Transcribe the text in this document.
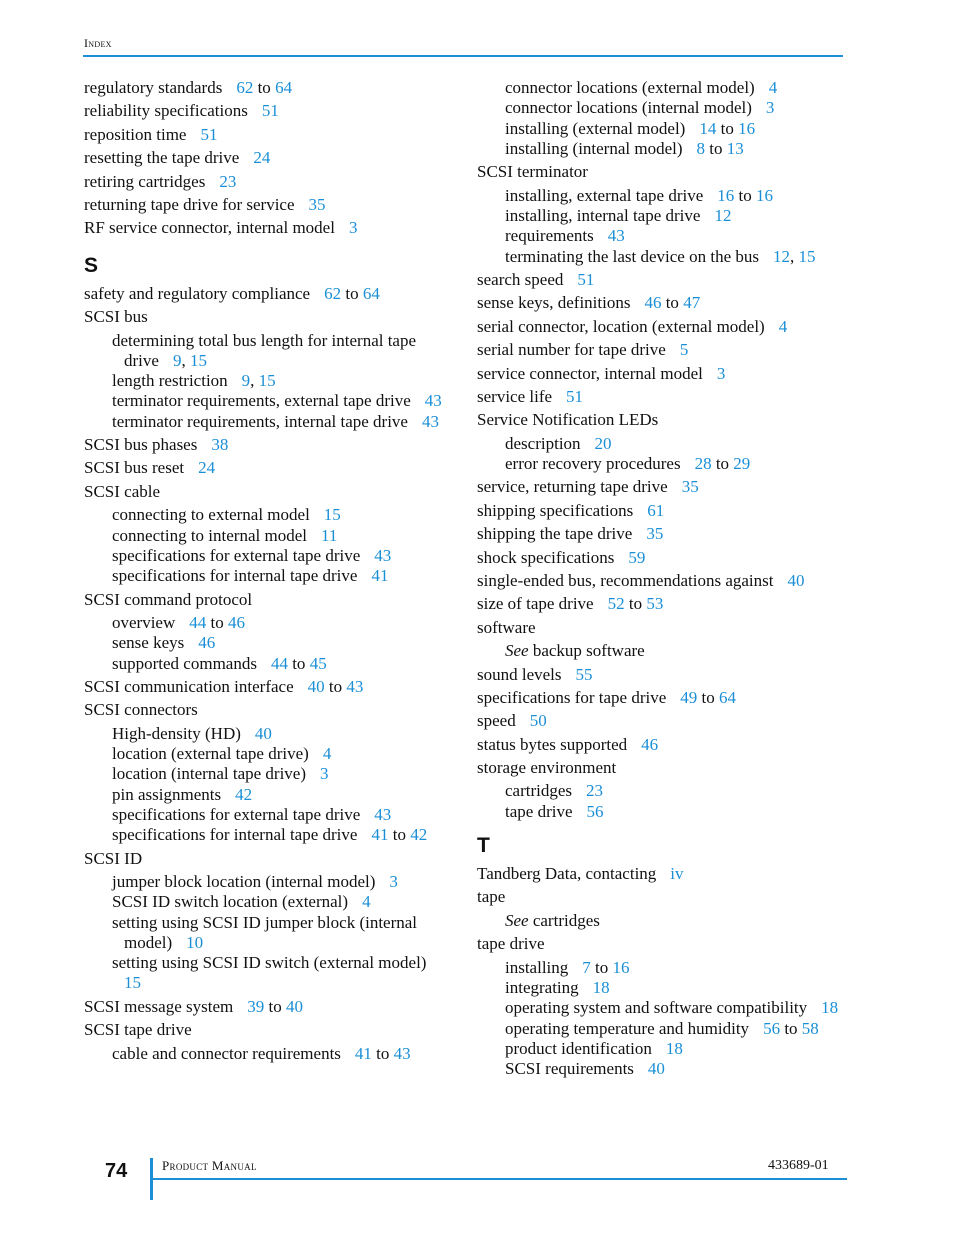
Index
regulatory standards 62 to 64
reliability specifications 51
reposition time 51
resetting the tape drive 24
retiring cartridges 23
returning tape drive for service 35
RF service connector, internal model 3
S
safety and regulatory compliance 62 to 64
SCSI bus
determining total bus length for internal tape drive 9, 15
length restriction 9, 15
terminator requirements, external tape drive 43
terminator requirements, internal tape drive 43
SCSI bus phases 38
SCSI bus reset 24
SCSI cable
connecting to external model 15
connecting to internal model 11
specifications for external tape drive 43
specifications for internal tape drive 41
SCSI command protocol
overview 44 to 46
sense keys 46
supported commands 44 to 45
SCSI communication interface 40 to 43
SCSI connectors
High-density (HD) 40
location (external tape drive) 4
location (internal tape drive) 3
pin assignments 42
specifications for external tape drive 43
specifications for internal tape drive 41 to 42
SCSI ID
jumper block location (internal model) 3
SCSI ID switch location (external) 4
setting using SCSI ID jumper block (internal model) 10
setting using SCSI ID switch (external model)15
SCSI message system 39 to 40
SCSI tape drive
cable and connector requirements 41 to 43
connector locations (external model) 4
connector locations (internal model) 3
installing (external model) 14 to 16
installing (internal model) 8 to 13
SCSI terminator
installing, external tape drive 16 to 16
installing, internal tape drive 12
requirements 43
terminating the last device on the bus 12, 15
search speed 51
sense keys, definitions 46 to 47
serial connector, location (external model) 4
serial number for tape drive 5
service connector, internal model 3
service life 51
Service Notification LEDs
description 20
error recovery procedures 28 to 29
service, returning tape drive 35
shipping specifications 61
shipping the tape drive 35
shock specifications 59
single-ended bus, recommendations against 40
size of tape drive 52 to 53
software
See backup software
sound levels 55
specifications for tape drive 49 to 64
speed 50
status bytes supported 46
storage environment
cartridges 23
tape drive 56
T
Tandberg Data, contacting iv
tape
See cartridges
tape drive
installing 7 to 16
integrating 18
operating system and software compatibility 18
operating temperature and humidity 56 to 58
product identification 18
SCSI requirements 40
74	Product Manual	433689-01
